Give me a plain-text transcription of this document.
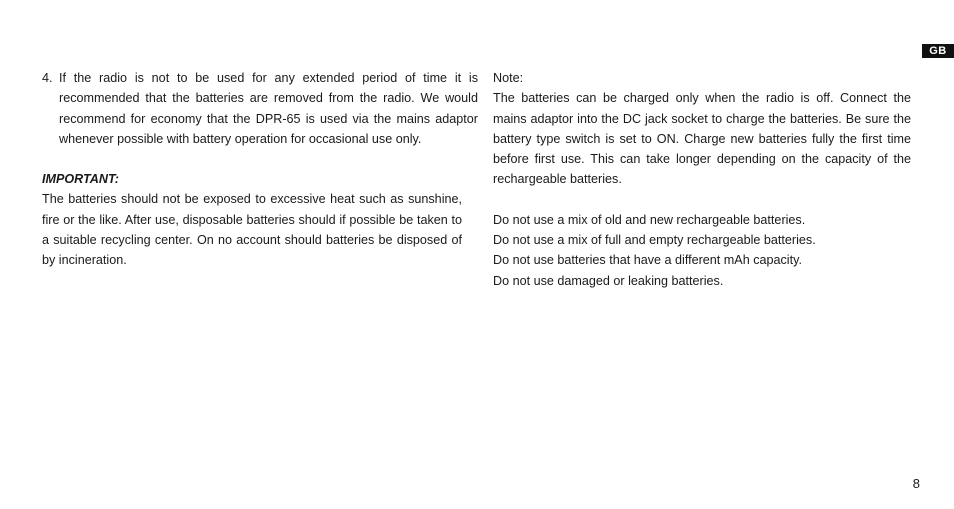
GB
4. If the radio is not to be used for any extended period of time it is recommended that the batteries are removed from the radio. We would recommend for economy that the DPR-65 is used via the mains adaptor whenever possible with battery operation for occasional use only.
IMPORTANT:
The batteries should not be exposed to excessive heat such as sunshine, fire or the like. After use, disposable batteries should if possible be taken to a suitable recycling center. On no account should batteries be disposed of by incineration.
Note:
The batteries can be charged only when the radio is off. Connect the mains adaptor into the DC jack socket to charge the batteries. Be sure the battery type switch is set to ON. Charge new batteries fully the first time before first use. This can take longer depending on the capacity of the rechargeable batteries.
Do not use a mix of old and new rechargeable batteries.
Do not use a mix of full and empty rechargeable batteries.
Do not use batteries that have a different mAh capacity.
Do not use damaged or leaking batteries.
8
